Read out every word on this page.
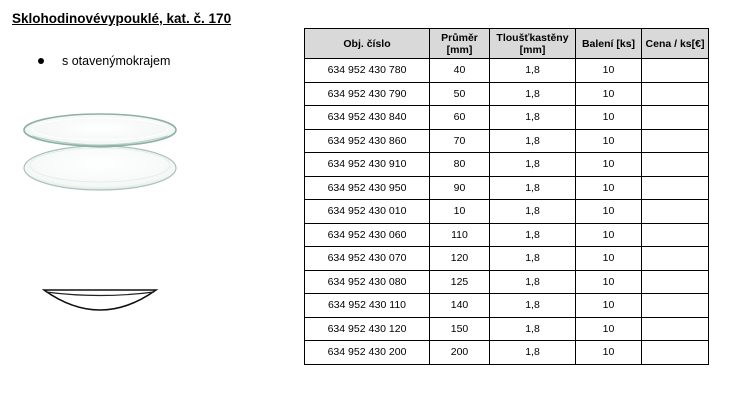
Sklohodinovévypouklé, kat. č. 170
s otavenýmokrajem
Obj. číslo	Průměr [mm]	Tloušťkastěny [mm]	Balení [ks]	Cena / ks[€]
634 952 430 780	40	1,8	10	
634 952 430 790	50	1,8	10	
634 952 430 840	60	1,8	10	
634 952 430 860	70	1,8	10	
634 952 430 910	80	1,8	10	
634 952 430 950	90	1,8	10	
634 952 430 010	10	1,8	10	
634 952 430 060	110	1,8	10	
634 952 430 070	120	1,8	10	
634 952 430 080	125	1,8	10	
634 952 430 110	140	1,8	10	
634 952 430 120	150	1,8	10	
634 952 430 200	200	1,8	10	
